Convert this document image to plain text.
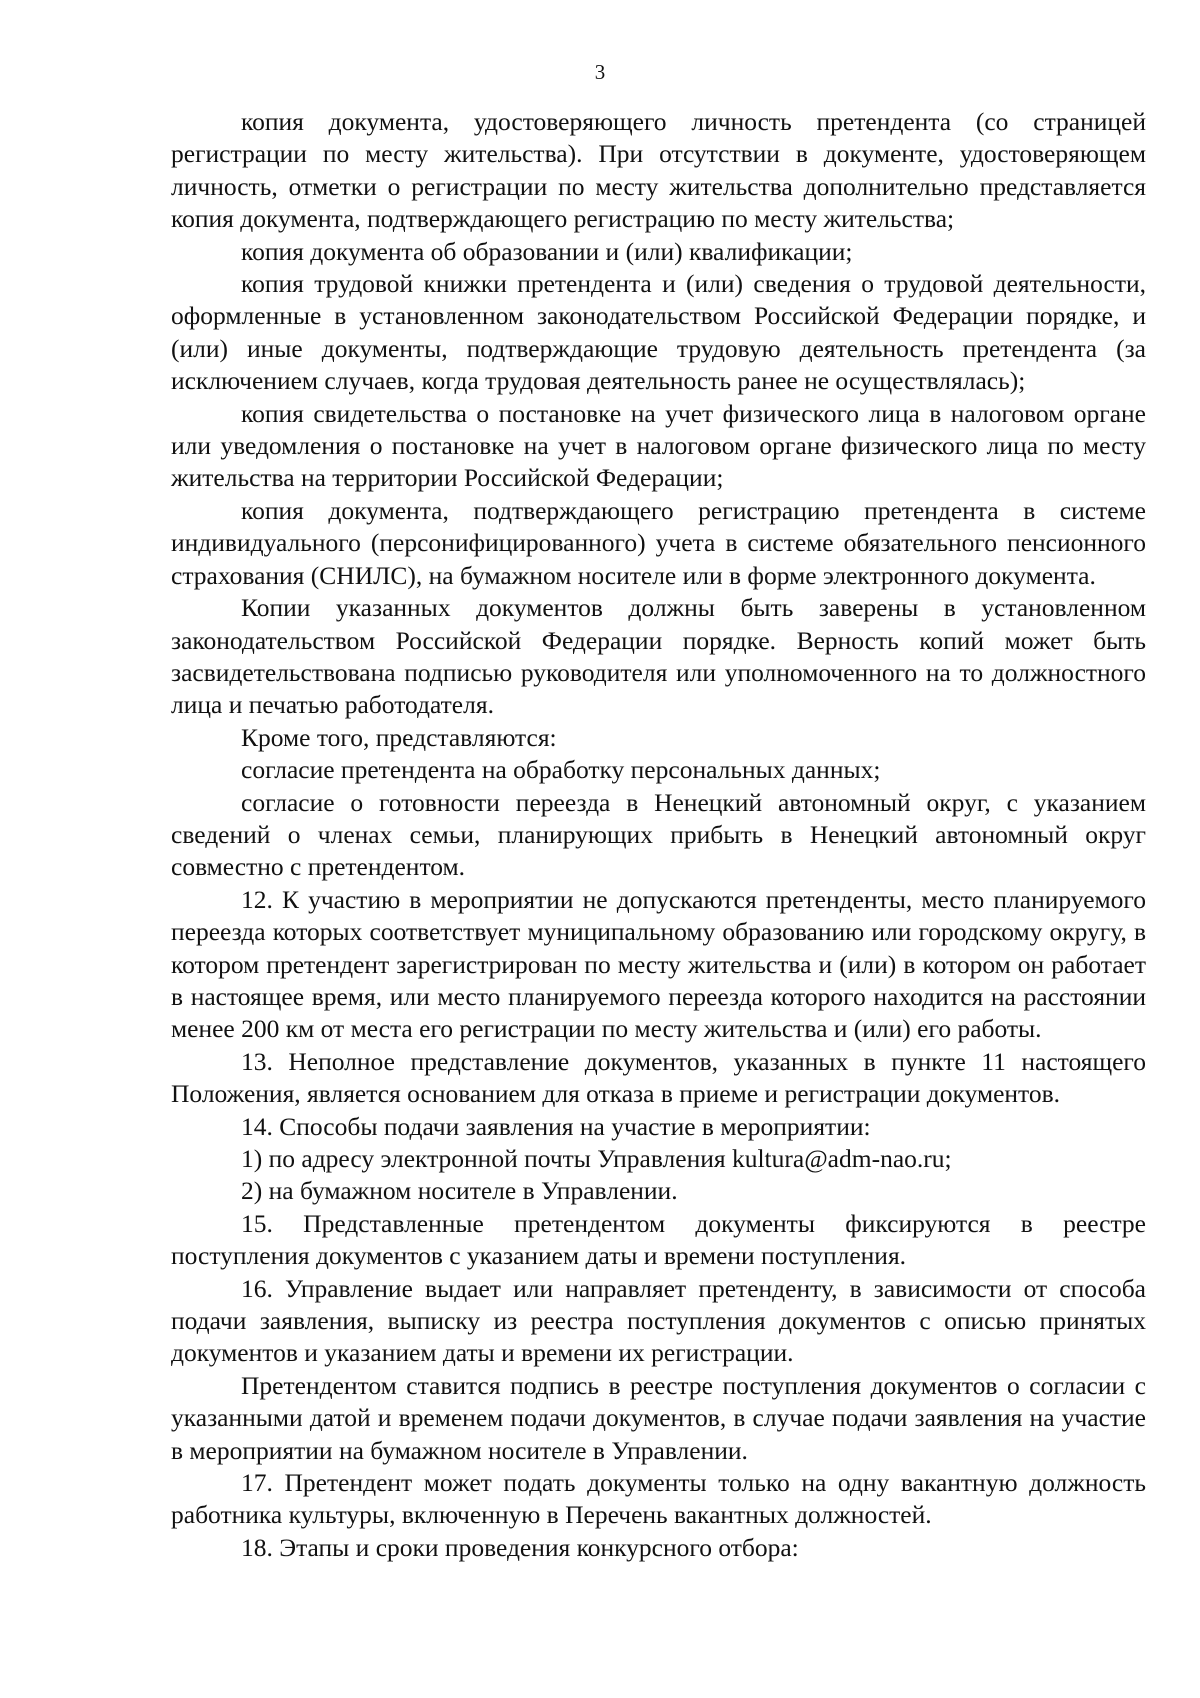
3

копия документа, удостоверяющего личность претендента (со страницей регистрации по месту жительства). При отсутствии в документе, удостоверяющем личность, отметки о регистрации по месту жительства дополнительно представляется копия документа, подтверждающего регистрацию по месту жительства;

копия документа об образовании и (или) квалификации;

копия трудовой книжки претендента и (или) сведения о трудовой деятельности, оформленные в установленном законодательством Российской Федерации порядке, и (или) иные документы, подтверждающие трудовую деятельность претендента (за исключением случаев, когда трудовая деятельность ранее не осуществлялась);

копия свидетельства о постановке на учет физического лица в налоговом органе или уведомления о постановке на учет в налоговом органе физического лица по месту жительства на территории Российской Федерации;

копия документа, подтверждающего регистрацию претендента в системе индивидуального (персонифицированного) учета в системе обязательного пенсионного страхования (СНИЛС), на бумажном носителе или в форме электронного документа.

Копии указанных документов должны быть заверены в установленном законодательством Российской Федерации порядке. Верность копий может быть засвидетельствована подписью руководителя или уполномоченного на то должностного лица и печатью работодателя.

Кроме того, представляются:

согласие претендента на обработку персональных данных;

согласие о готовности переезда в Ненецкий автономный округ, с указанием сведений о членах семьи, планирующих прибыть в Ненецкий автономный округ совместно с претендентом.

12. К участию в мероприятии не допускаются претенденты, место планируемого переезда которых соответствует муниципальному образованию или городскому округу, в котором претендент зарегистрирован по месту жительства и (или) в котором он работает в настоящее время, или место планируемого переезда которого находится на расстоянии менее 200 км от места его регистрации по месту жительства и (или) его работы.

13. Неполное представление документов, указанных в пункте 11 настоящего Положения, является основанием для отказа в приеме и регистрации документов.

14. Способы подачи заявления на участие в мероприятии:

1) по адресу электронной почты Управления kultura@adm-nao.ru;

2) на бумажном носителе в Управлении.

15. Представленные претендентом документы фиксируются в реестре поступления документов с указанием даты и времени поступления.

16. Управление выдает или направляет претенденту, в зависимости от способа подачи заявления, выписку из реестра поступления документов с описью принятых документов и указанием даты и времени их регистрации.

Претендентом ставится подпись в реестре поступления документов о согласии с указанными датой и временем подачи документов, в случае подачи заявления на участие в мероприятии на бумажном носителе в Управлении.

17. Претендент может подать документы только на одну вакантную должность работника культуры, включенную в Перечень вакантных должностей.

18. Этапы и сроки проведения конкурсного отбора:
